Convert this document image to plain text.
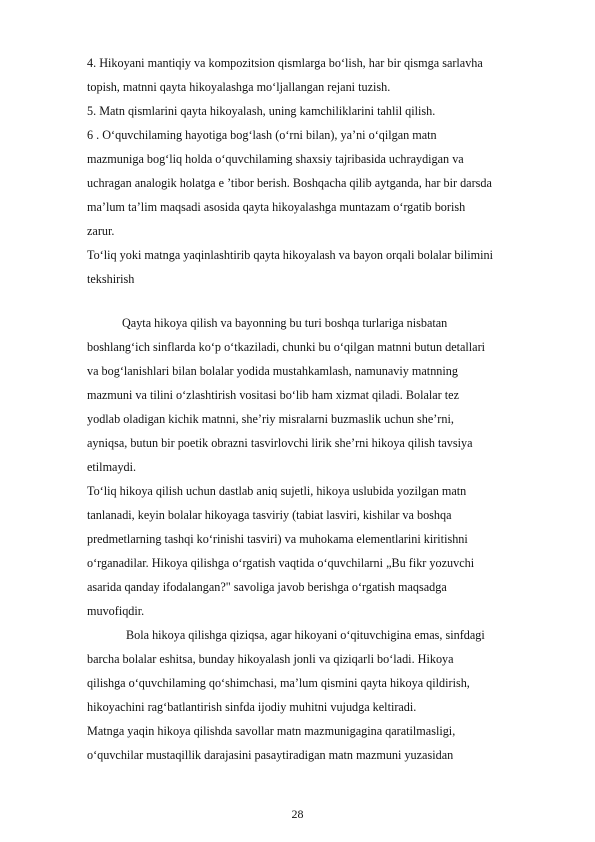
4. Hikoyani mantiqiy va kompozitsion qismlarga bo‘lish, har bir qismga sarlavha
topish, matnni qayta hikoyalashga mo‘ljallangan rejani tuzish.
5. Matn qismlarini qayta hikoyalash, uning kamchiliklarini tahlil qilish.
6 . O‘quvchilaming hayotiga bog‘lash (o‘rni bilan), ya’ni o‘qilgan matn
mazmuniga bog‘liq holda o‘quvchilaming shaxsiy tajribasida uchraydigan va
uchragan analogik holatga e ’tibor berish. Boshqacha qilib aytganda, har bir darsda
ma’lum ta’lim maqsadi asosida qayta hikoyalashga muntazam o‘rgatib borish
zarur.
To‘liq yoki matnga yaqinlashtirib qayta hikoyalash va bayon orqali bolalar bilimini
tekshirish
Qayta hikoya qilish va bayonning bu turi boshqa turlariga nisbatan
boshlang‘ich sinflarda ko‘p o‘tkaziladi, chunki bu o‘qilgan matnni butun detallari
va bog‘lanishlari bilan bolalar yodida mustahkamlash, namunaviy matnning
mazmuni va tilini o‘zlashtirish vositasi bo‘lib ham xizmat qiladi. Bolalar tez
yodlab oladigan kichik matnni, she’riy misralarni buzmaslik uchun she’rni,
ayniqsa, butun bir poetik obrazni tasvirlovchi lirik she’rni hikoya qilish tavsiya
etilmaydi.
To‘liq hikoya qilish uchun dastlab aniq sujetli, hikoya uslubida yozilgan matn
tanlanadi, keyin bolalar hikoyaga tasviriy (tabiat lasviri, kishilar va boshqa
predmetlarning tashqi ko‘rinishi tasviri) va muhokama elementlarini kiritishni
o‘rganadilar. Hikoya qilishga o‘rgatish vaqtida o‘quvchilarni „Bu fikr yozuvchi
asarida qanday ifodalangan?" savoliga javob berishga o‘rgatish maqsadga
muvofiqdir.
Bola hikoya qilishga qiziqsa, agar hikoyani o‘qituvchigina emas, sinfdagi
barcha bolalar eshitsa, bunday hikoyalash jonli va qiziqarli bo‘ladi. Hikoya
qilishga o‘quvchilaming qo‘shimchasi, ma’lum qismini qayta hikoya qildirish,
hikoyachini rag‘batlantirish sinfda ijodiy muhitni vujudga keltiradi.
Matnga yaqin hikoya qilishda savollar matn mazmunigagina qaratilmasligi,
o‘quvchilar mustaqillik darajasini pasaytiradigan matn mazmuni yuzasidan
28
